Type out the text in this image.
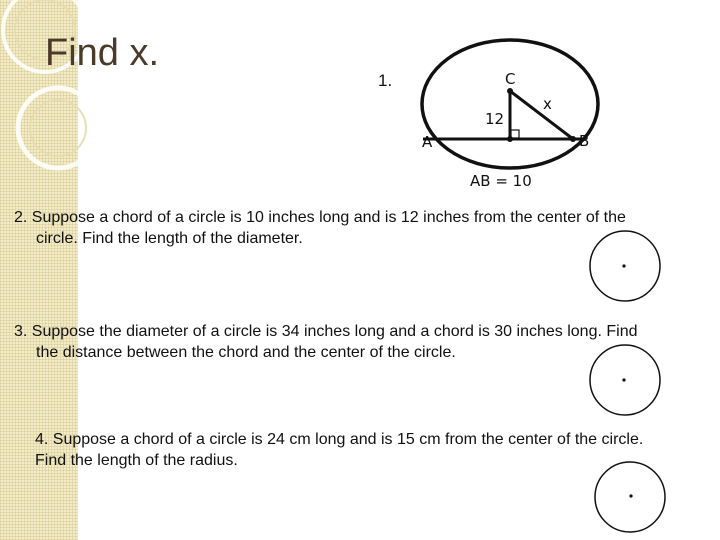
Find x.
1.	C
x
12
A	B
AB = 10
2. Suppose a chord of a circle is 10 inches long and is 12 inches from the center of the
circle. Find the length of the diameter.
3. Suppose the diameter of a circle is 34 inches long and a chord is 30 inches long. Find
the distance between the chord and the center of the circle.
4. Suppose a chord of a circle is 24 cm long and is 15 cm from the center of the circle.
Find the length of the radius.
